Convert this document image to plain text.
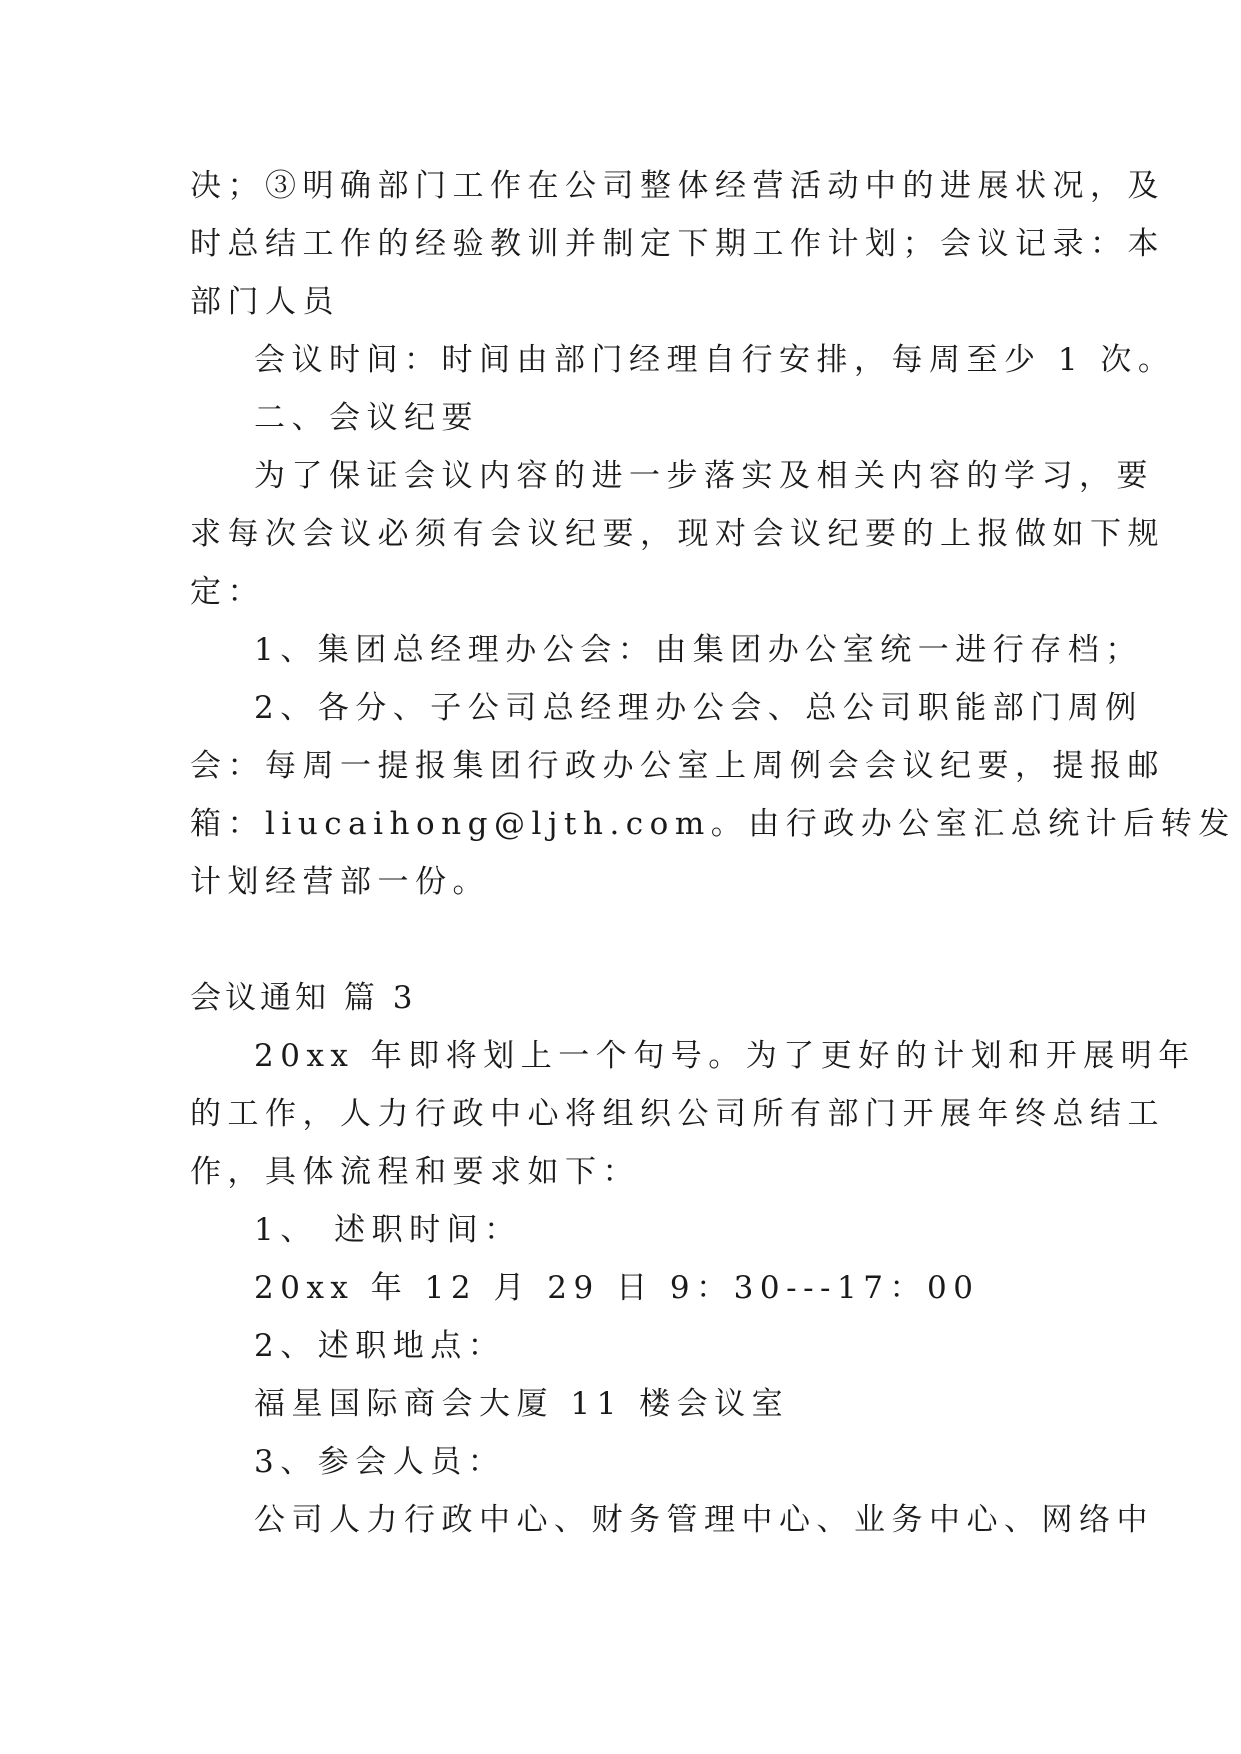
决；③明确部门工作在公司整体经营活动中的进展状况，及

时总结工作的经验教训并制定下期工作计划；会议记录：本

部门人员

会议时间：时间由部门经理自行安排，每周至少 1 次。

二、会议纪要

为了保证会议内容的进一步落实及相关内容的学习，要

求每次会议必须有会议纪要，现对会议纪要的上报做如下规

定：

1、集团总经理办公会：由集团办公室统一进行存档；

2、各分、子公司总经理办公会、总公司职能部门周例

会：每周一提报集团行政办公室上周例会会议纪要，提报邮

箱：liucaihong@ljth.com。由行政办公室汇总统计后转发

计划经营部一份。

会议通知 篇 3

20xx 年即将划上一个句号。为了更好的计划和开展明年

的工作，人力行政中心将组织公司所有部门开展年终总结工

作，具体流程和要求如下：

1、 述职时间：

20xx 年 12 月 29 日 9：30---17：00

2、述职地点：

福星国际商会大厦 11 楼会议室

3、参会人员：

公司人力行政中心、财务管理中心、业务中心、网络中
